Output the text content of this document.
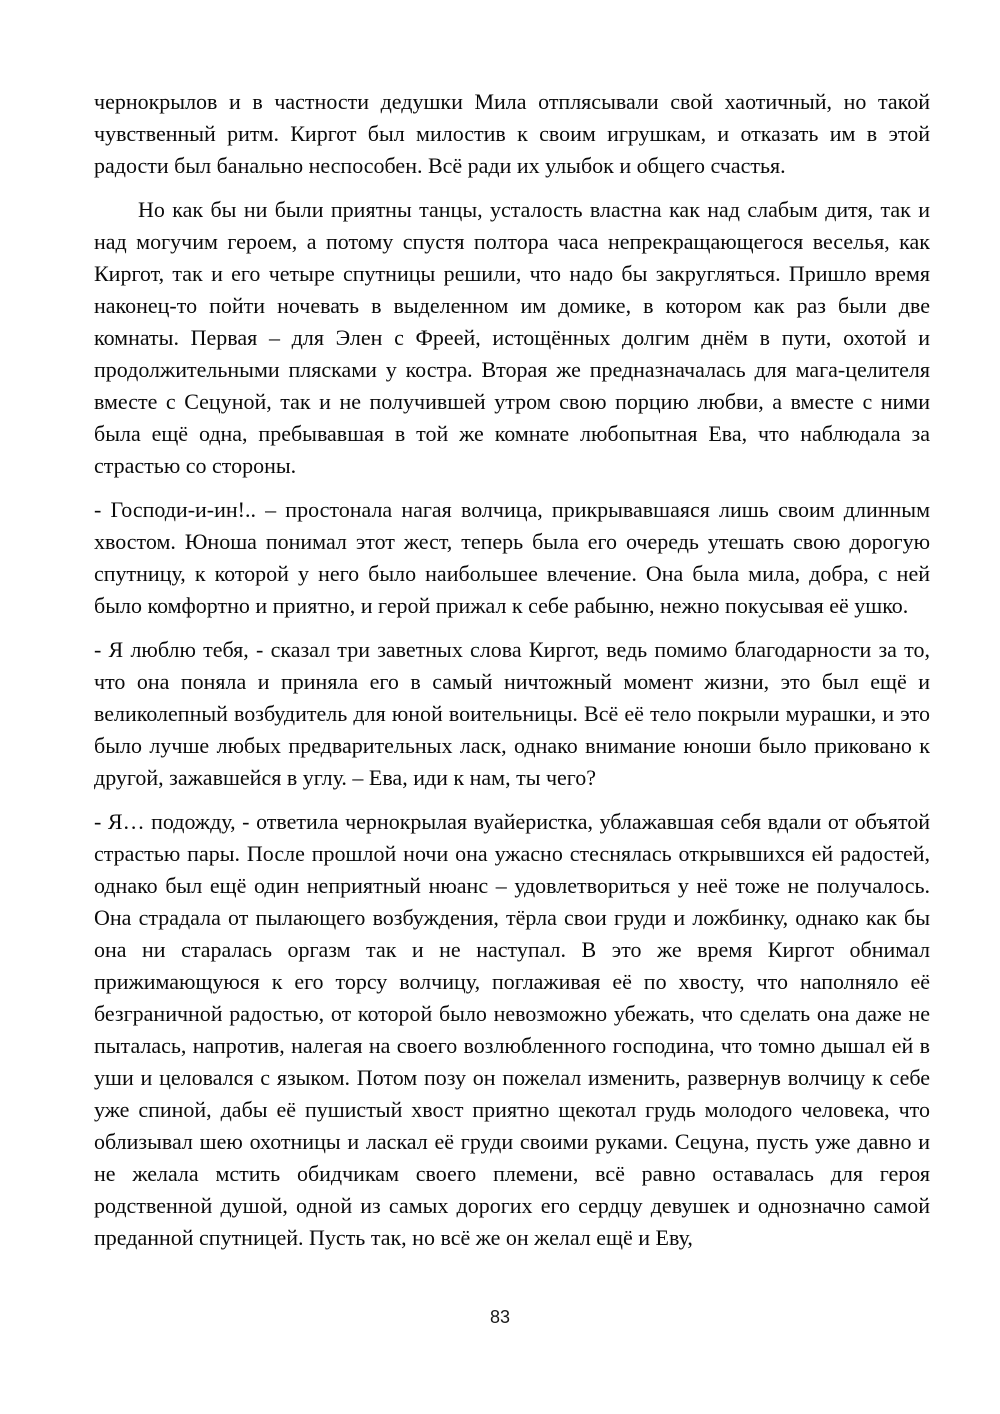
чернокрылов и в частности дедушки Мила отплясывали свой хаотичный, но такой чувственный ритм. Киргот был милостив к своим игрушкам, и отказать им в этой радости был банально неспособен. Всё ради их улыбок и общего счастья.

Но как бы ни были приятны танцы, усталость властна как над слабым дитя, так и над могучим героем, а потому спустя полтора часа непрекращающегося веселья, как Киргот, так и его четыре спутницы решили, что надо бы закругляться. Пришло время наконец-то пойти ночевать в выделенном им домике, в котором как раз были две комнаты. Первая – для Элен с Фреей, истощённых долгим днём в пути, охотой и продолжительными плясками у костра. Вторая же предназначалась для мага-целителя вместе с Сецуной, так и не получившей утром свою порцию любви, а вместе с ними была ещё одна, пребывавшая в той же комнате любопытная Ева, что наблюдала за страстью со стороны.

- Господи-и-ин!.. – простонала нагая волчица, прикрывавшаяся лишь своим длинным хвостом. Юноша понимал этот жест, теперь была его очередь утешать свою дорогую спутницу, к которой у него было наибольшее влечение. Она была мила, добра, с ней было комфортно и приятно, и герой прижал к себе рабыню, нежно покусывая её ушко.

- Я люблю тебя, - сказал три заветных слова Киргот, ведь помимо благодарности за то, что она поняла и приняла его в самый ничтожный момент жизни, это был ещё и великолепный возбудитель для юной воительницы. Всё её тело покрыли мурашки, и это было лучше любых предварительных ласк, однако внимание юноши было приковано к другой, зажавшейся в углу. – Ева, иди к нам, ты чего?

- Я… подожду, - ответила чернокрылая вуайеристка, ублажавшая себя вдали от объятой страстью пары. После прошлой ночи она ужасно стеснялась открывшихся ей радостей, однако был ещё один неприятный нюанс – удовлетвориться у неё тоже не получалось. Она страдала от пылающего возбуждения, тёрла свои груди и ложбинку, однако как бы она ни старалась оргазм так и не наступал. В это же время Киргот обнимал прижимающуюся к его торсу волчицу, поглаживая её по хвосту, что наполняло её безграничной радостью, от которой было невозможно убежать, что сделать она даже не пыталась, напротив, налегая на своего возлюбленного господина, что томно дышал ей в уши и целовался с языком. Потом позу он пожелал изменить, развернув волчицу к себе уже спиной, дабы её пушистый хвост приятно щекотал грудь молодого человека, что облизывал шею охотницы и ласкал её груди своими руками. Сецуна, пусть уже давно и не желала мстить обидчикам своего племени, всё равно оставалась для героя родственной душой, одной из самых дорогих его сердцу девушек и однозначно самой преданной спутницей. Пусть так, но всё же он желал ещё и Еву,

83
